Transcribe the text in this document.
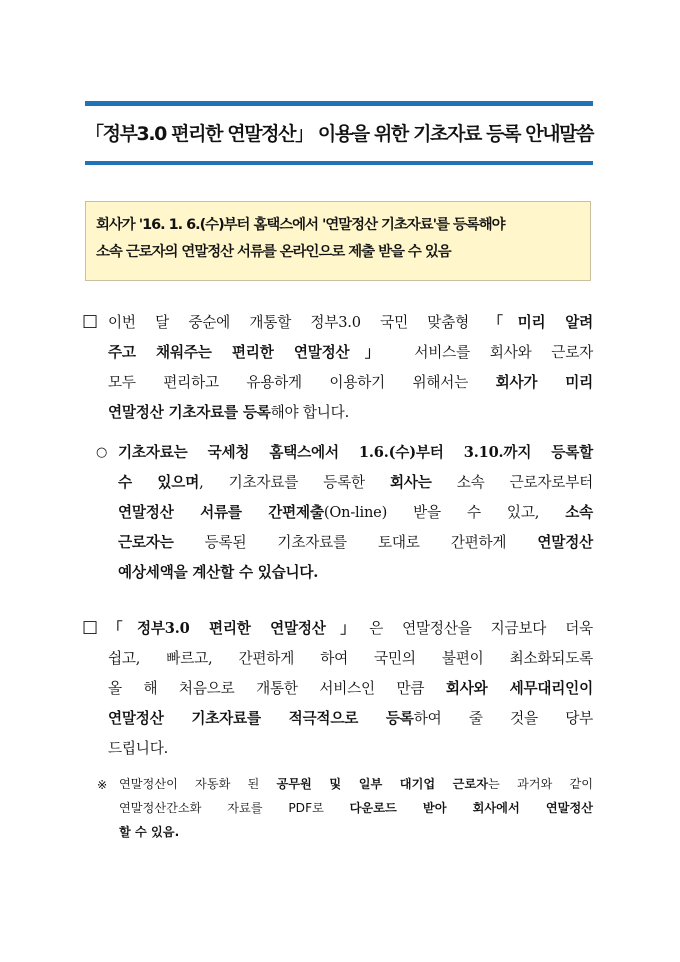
「정부3.0 편리한 연말정산」 이용을 위한 기초자료 등록 안내말씀
회사가 '16. 1. 6.(수)부터 홈택스에서 '연말정산 기초자료'를 등록해야
소속 근로자의 연말정산 서류를 온라인으로 제출 받을 수 있음
□ 이번 달 중순에 개통할 정부3.0 국민 맞춤형 「미리 알려
주고 채워주는 편리한 연말정산」 서비스를 회사와 근로자
모두 편리하고 유용하게 이용하기 위해서는 회사가 미리
연말정산 기초자료를 등록해야 합니다.
○ 기초자료는 국세청 홈택스에서 1.6.(수)부터 3.10.까지 등록할
수 있으며, 기초자료를 등록한 회사는 소속 근로자로부터
연말정산 서류를 간편제출(On-line) 받을 수 있고, 소속
근로자는 등록된 기초자료를 토대로 간편하게 연말정산
예상세액을 계산할 수 있습니다.
□ 「정부3.0 편리한 연말정산」은 연말정산을 지금보다 더욱
쉽고, 빠르고, 간편하게 하여 국민의 불편이 최소화되도록
올 해 처음으로 개통한 서비스인 만큼 회사와 세무대리인이
연말정산 기초자료를 적극적으로 등록하여 줄 것을 당부
드립니다.
※ 연말정산이 자동화 된 공무원 및 일부 대기업 근로자는 과거와 같이
연말정산간소화 자료를 PDF로 다운로드 받아 회사에서 연말정산
할 수 있음.
